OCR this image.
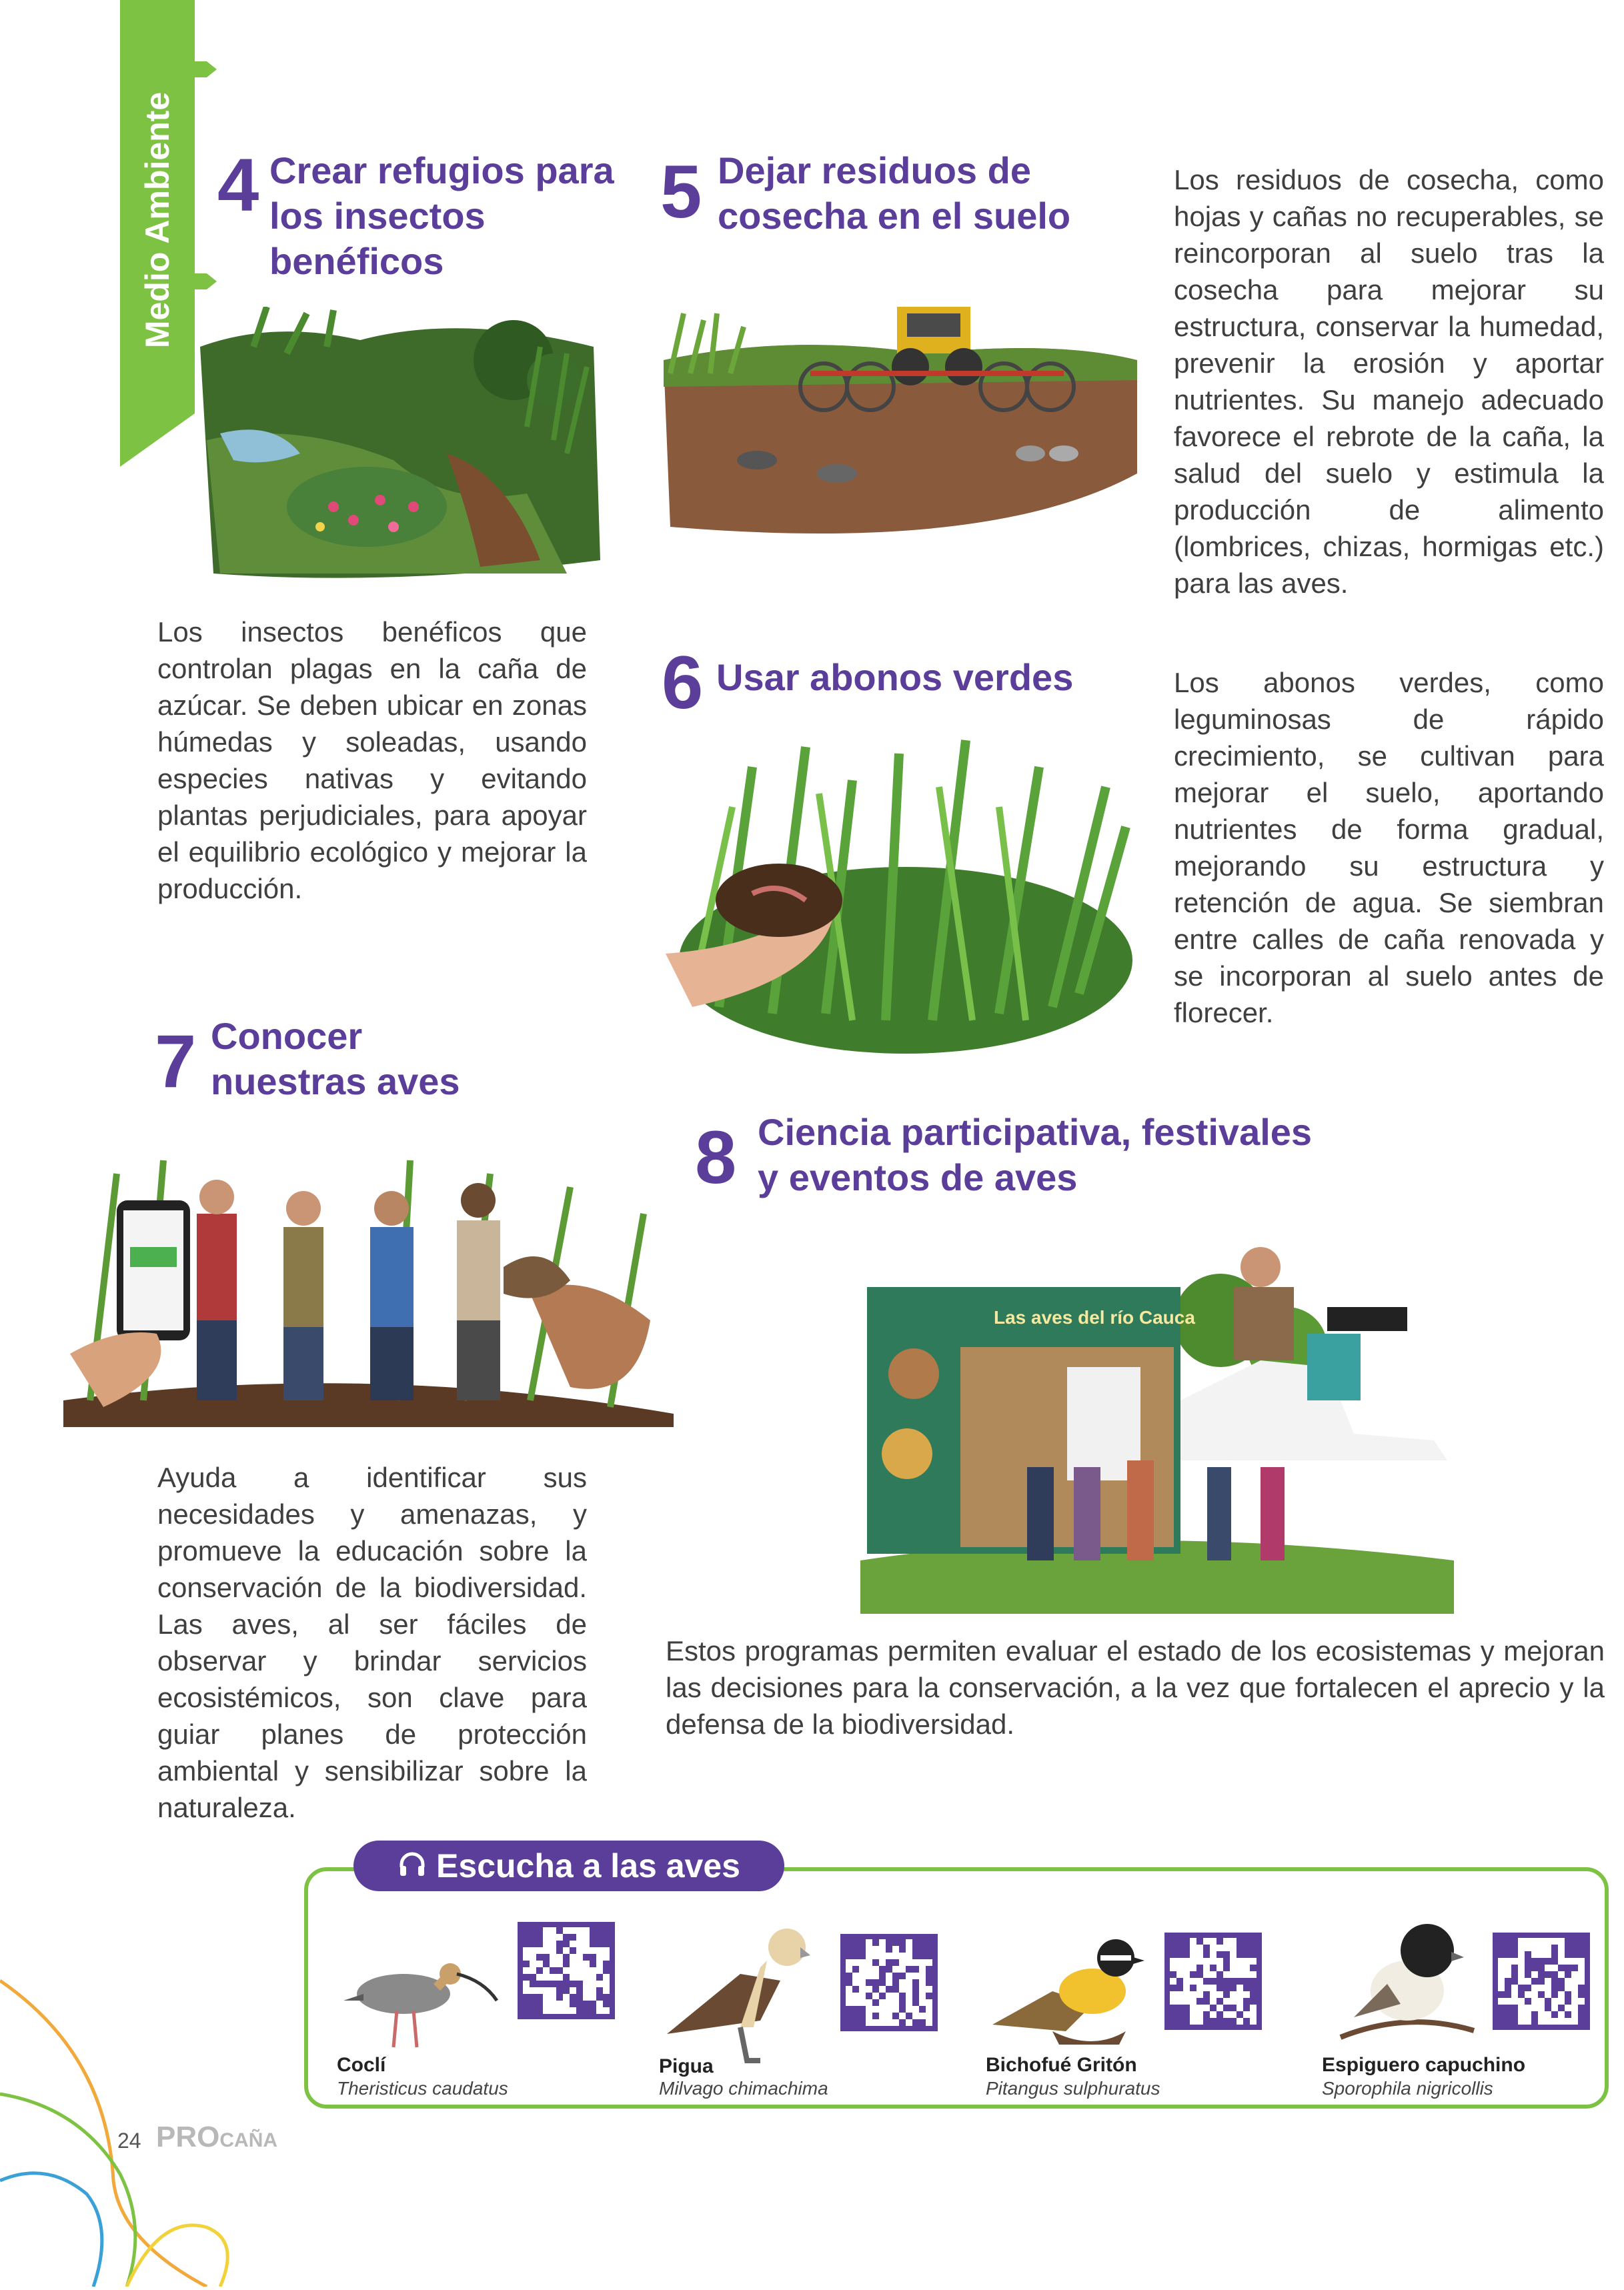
Medio Ambiente 4 Crear refugios para los insectos benéficos
Los insectos benéficos que controlan plagas en la caña de azúcar. Se deben ubicar en zonas húmedas y soleadas, usando especies nativas y evitando plantas perjudiciales, para apoyar el equilibrio ecológico y mejorar la producción.
5 Dejar residuos de cosecha en el suelo
Los residuos de cosecha, como hojas y cañas no recuperables, se reincorporan al suelo tras la cosecha para mejorar su estructura, conservar la humedad, prevenir la erosión y aportar nutrientes. Su manejo adecuado favorece el rebrote de la caña, la salud del suelo y estimula la producción de alimento (lombrices, chizas, hormigas etc.) para las aves.
6 Usar abonos verdes	Los abonos verdes, como leguminosas de rápido crecimiento, se cultivan para mejorar el suelo, aportando nutrientes de forma gradual, mejorando su estructura y retención de agua. Se siembran entre calles de caña renovada y se incorporan al suelo antes de florecer.
7 Conocer nuestras aves
Ayuda a identificar sus necesidades y amenazas, y promueve la educación sobre la conservación de la biodiversidad. Las aves, al ser fáciles de observar y brindar servicios ecosistémicos, son clave para guiar planes de protección ambiental y sensibilizar sobre la naturaleza.
8 Ciencia participativa, festivales y eventos de aves
Las aves del río Cauca
Estos programas permiten evaluar el estado de los ecosistemas y mejoran las decisiones para la conservación, a la vez que fortalecen el aprecio y la defensa de la biodiversidad.
Escucha a las aves
Coclí
Theristicus caudatus
Pigua
Milvago chimachima
Bichofué Gritón
Pitangus sulphuratus
Espiguero capuchino
Sporophila nigricollis
24 PRO CAÑA
